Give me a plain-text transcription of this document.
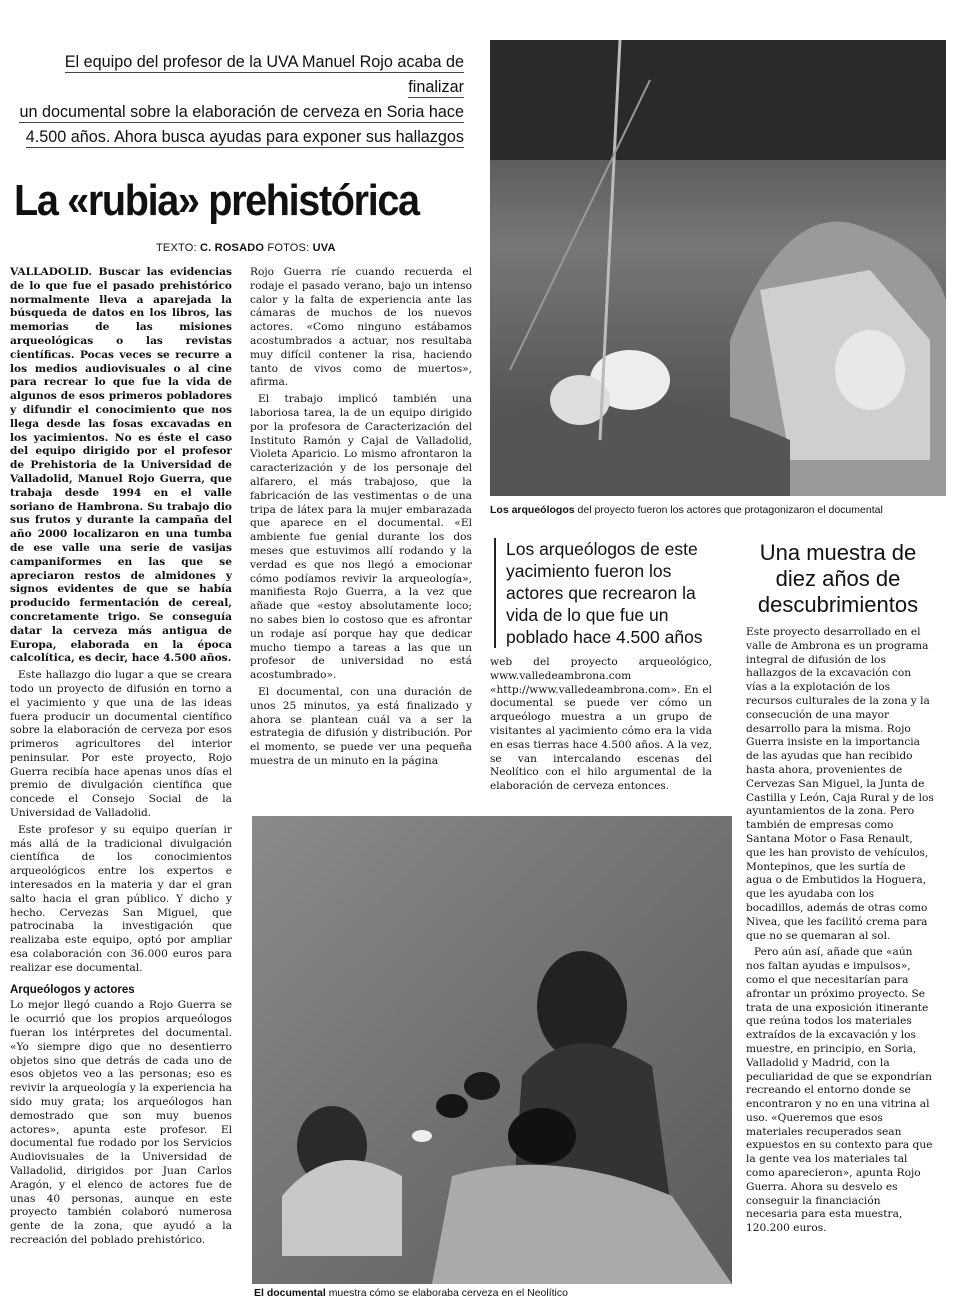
El equipo del profesor de la UVA Manuel Rojo acaba de finalizar
un documental sobre la elaboración de cerveza en Soria hace
4.500 años. Ahora busca ayudas para exponer sus hallazgos
La «rubia» prehistórica
TEXTO: C. ROSADO FOTOS: UVA

VALLADOLID. Buscar las evidencias de lo que fue el pasado prehistórico normalmente lleva a aparejada la búsqueda de datos en los libros, las memorias de las misiones arqueológicas o las revistas científicas. Pocas veces se recurre a los medios audiovisuales o al cine para recrear lo que fue la vida de algunos de esos primeros pobladores y difundir el conocimiento que nos llega desde las fosas excavadas en los yacimientos. No es éste el caso del equipo dirigido por el profesor de Prehistoria de la Universidad de Valladolid, Manuel Rojo Guerra, que trabaja desde 1994 en el valle soriano de Hambrona. Su trabajo dio sus frutos y durante la campaña del año 2000 localizaron en una tumba de ese valle una serie de vasijas campaniformes en las que se apreciaron restos de almidones y signos evidentes de que se había producido fermentación de cereal, concretamente trigo. Se conseguía datar la cerveza más antigua de Europa, elaborada en la época calcolítica, es decir, hace 4.500 años.

Este hallazgo dio lugar a que se creara todo un proyecto de difusión en torno a el yacimiento y que una de las ideas fuera producir un documental científico sobre la elaboración de cerveza por esos primeros agricultores del interior peninsular. Por este proyecto, Rojo Guerra recibía hace apenas unos días el premio de divulgación científica que concede el Consejo Social de la Universidad de Valladolid.

Este profesor y su equipo querían ir más allá de la tradicional divulgación científica de los conocimientos arqueológicos entre los expertos e interesados en la materia y dar el gran salto hacia el gran público. Y dicho y hecho. Cervezas San Miguel, que patrocinaba la investigación que realizaba este equipo, optó por ampliar esa colaboración con 36.000 euros para realizar ese documental.

Arqueólogos y actores

Lo mejor llegó cuando a Rojo Guerra se le ocurrió que los propios arqueólogos fueran los intérpretes del documental. «Yo siempre digo que no desentierro objetos sino que detrás de cada uno de esos objetos veo a las personas; eso es revivir la arqueología y la experiencia ha sido muy grata; los arqueólogos han demostrado que son muy buenos actores», apunta este profesor. El documental fue rodado por los Servicios Audiovisuales de la Universidad de Valladolid, dirigidos por Juan Carlos Aragón, y el elenco de actores fue de unas 40 personas, aunque en este proyecto también colaboró numerosa gente de la zona, que ayudó a la recreación del poblado prehistórico.

Rojo Guerra ríe cuando recuerda el rodaje el pasado verano, bajo un intenso calor y la falta de experiencia ante las cámaras de muchos de los nuevos actores. «Como ninguno estábamos acostumbrados a actuar, nos resultaba muy difícil contener la risa, haciendo tanto de vivos como de muertos», afirma.

El trabajo implicó también una laboriosa tarea, la de un equipo dirigido por la profesora de Caracterización del Instituto Ramón y Cajal de Valladolid, Violeta Aparicio. Lo mismo afrontaron la caracterización y de los personaje del alfarero, el más trabajoso, que la fabricación de las vestimentas o de una tripa de látex para la mujer embarazada que aparece en el documental. «El ambiente fue genial durante los dos meses que estuvimos allí rodando y la verdad es que nos llegó a emocionar cómo podíamos revivir la arqueología», manifiesta Rojo Guerra, a la vez que añade que «estoy absolutamente loco; no sabes bien lo costoso que es afrontar un rodaje así porque hay que dedicar mucho tiempo a tareas a las que un profesor de universidad no está acostumbrado».

El documental, con una duración de unos 25 minutos, ya está finalizado y ahora se plantean cuál va a ser la estrategia de difusión y distribución. Por el momento, se puede ver una pequeña muestra de un minuto en la página

Los arqueólogos del proyecto fueron los actores que protagonizaron el documental
Los arqueólogos de este yacimiento fueron los actores que recrearon la vida de lo que fue un poblado hace 4.500 años

web del proyecto arqueológico, www.valledeambrona.com «http://www.valledeambrona.com». En el documental se puede ver cómo un arqueólogo muestra a un grupo de visitantes al yacimiento cómo era la vida en esas tierras hace 4.500 años. A la vez, se van intercalando escenas del Neolítico con el hilo argumental de la elaboración de cerveza entonces.

Una muestra de diez años de descubrimientos

Este proyecto desarrollado en el valle de Ambrona es un programa integral de difusión de los hallazgos de la excavación con vías a la explotación de los recursos culturales de la zona y la consecución de una mayor desarrollo para la misma. Rojo Guerra insiste en la importancia de las ayudas que han recibido hasta ahora, provenientes de Cervezas San Miguel, la Junta de Castilla y León, Caja Rural y de los ayuntamientos de la zona. Pero también de empresas como Santana Motor o Fasa Renault, que les han provisto de vehículos, Montepinos, que les surtía de agua o de Embutidos la Hoguera, que les ayudaba con los bocadillos, además de otras como Nivea, que les facilitó crema para que no se quemaran al sol.

Pero aún así, añade que «aún nos faltan ayudas e impulsos», como el que necesitarían para afrontar un próximo proyecto. Se trata de una exposición itinerante que reúna todos los materiales extraídos de la excavación y los muestre, en principio, en Soria, Valladolid y Madrid, con la peculiaridad de que se expondrían recreando el entorno donde se encontraron y no en una vitrina al uso. «Queremos que esos materiales recuperados sean expuestos en su contexto para que la gente vea los materiales tal como aparecieron», apunta Rojo Guerra. Ahora su desvelo es conseguir la financiación necesaria para esta muestra, 120.200 euros.

El documental muestra cómo se elaboraba cerveza en el Neolítico
